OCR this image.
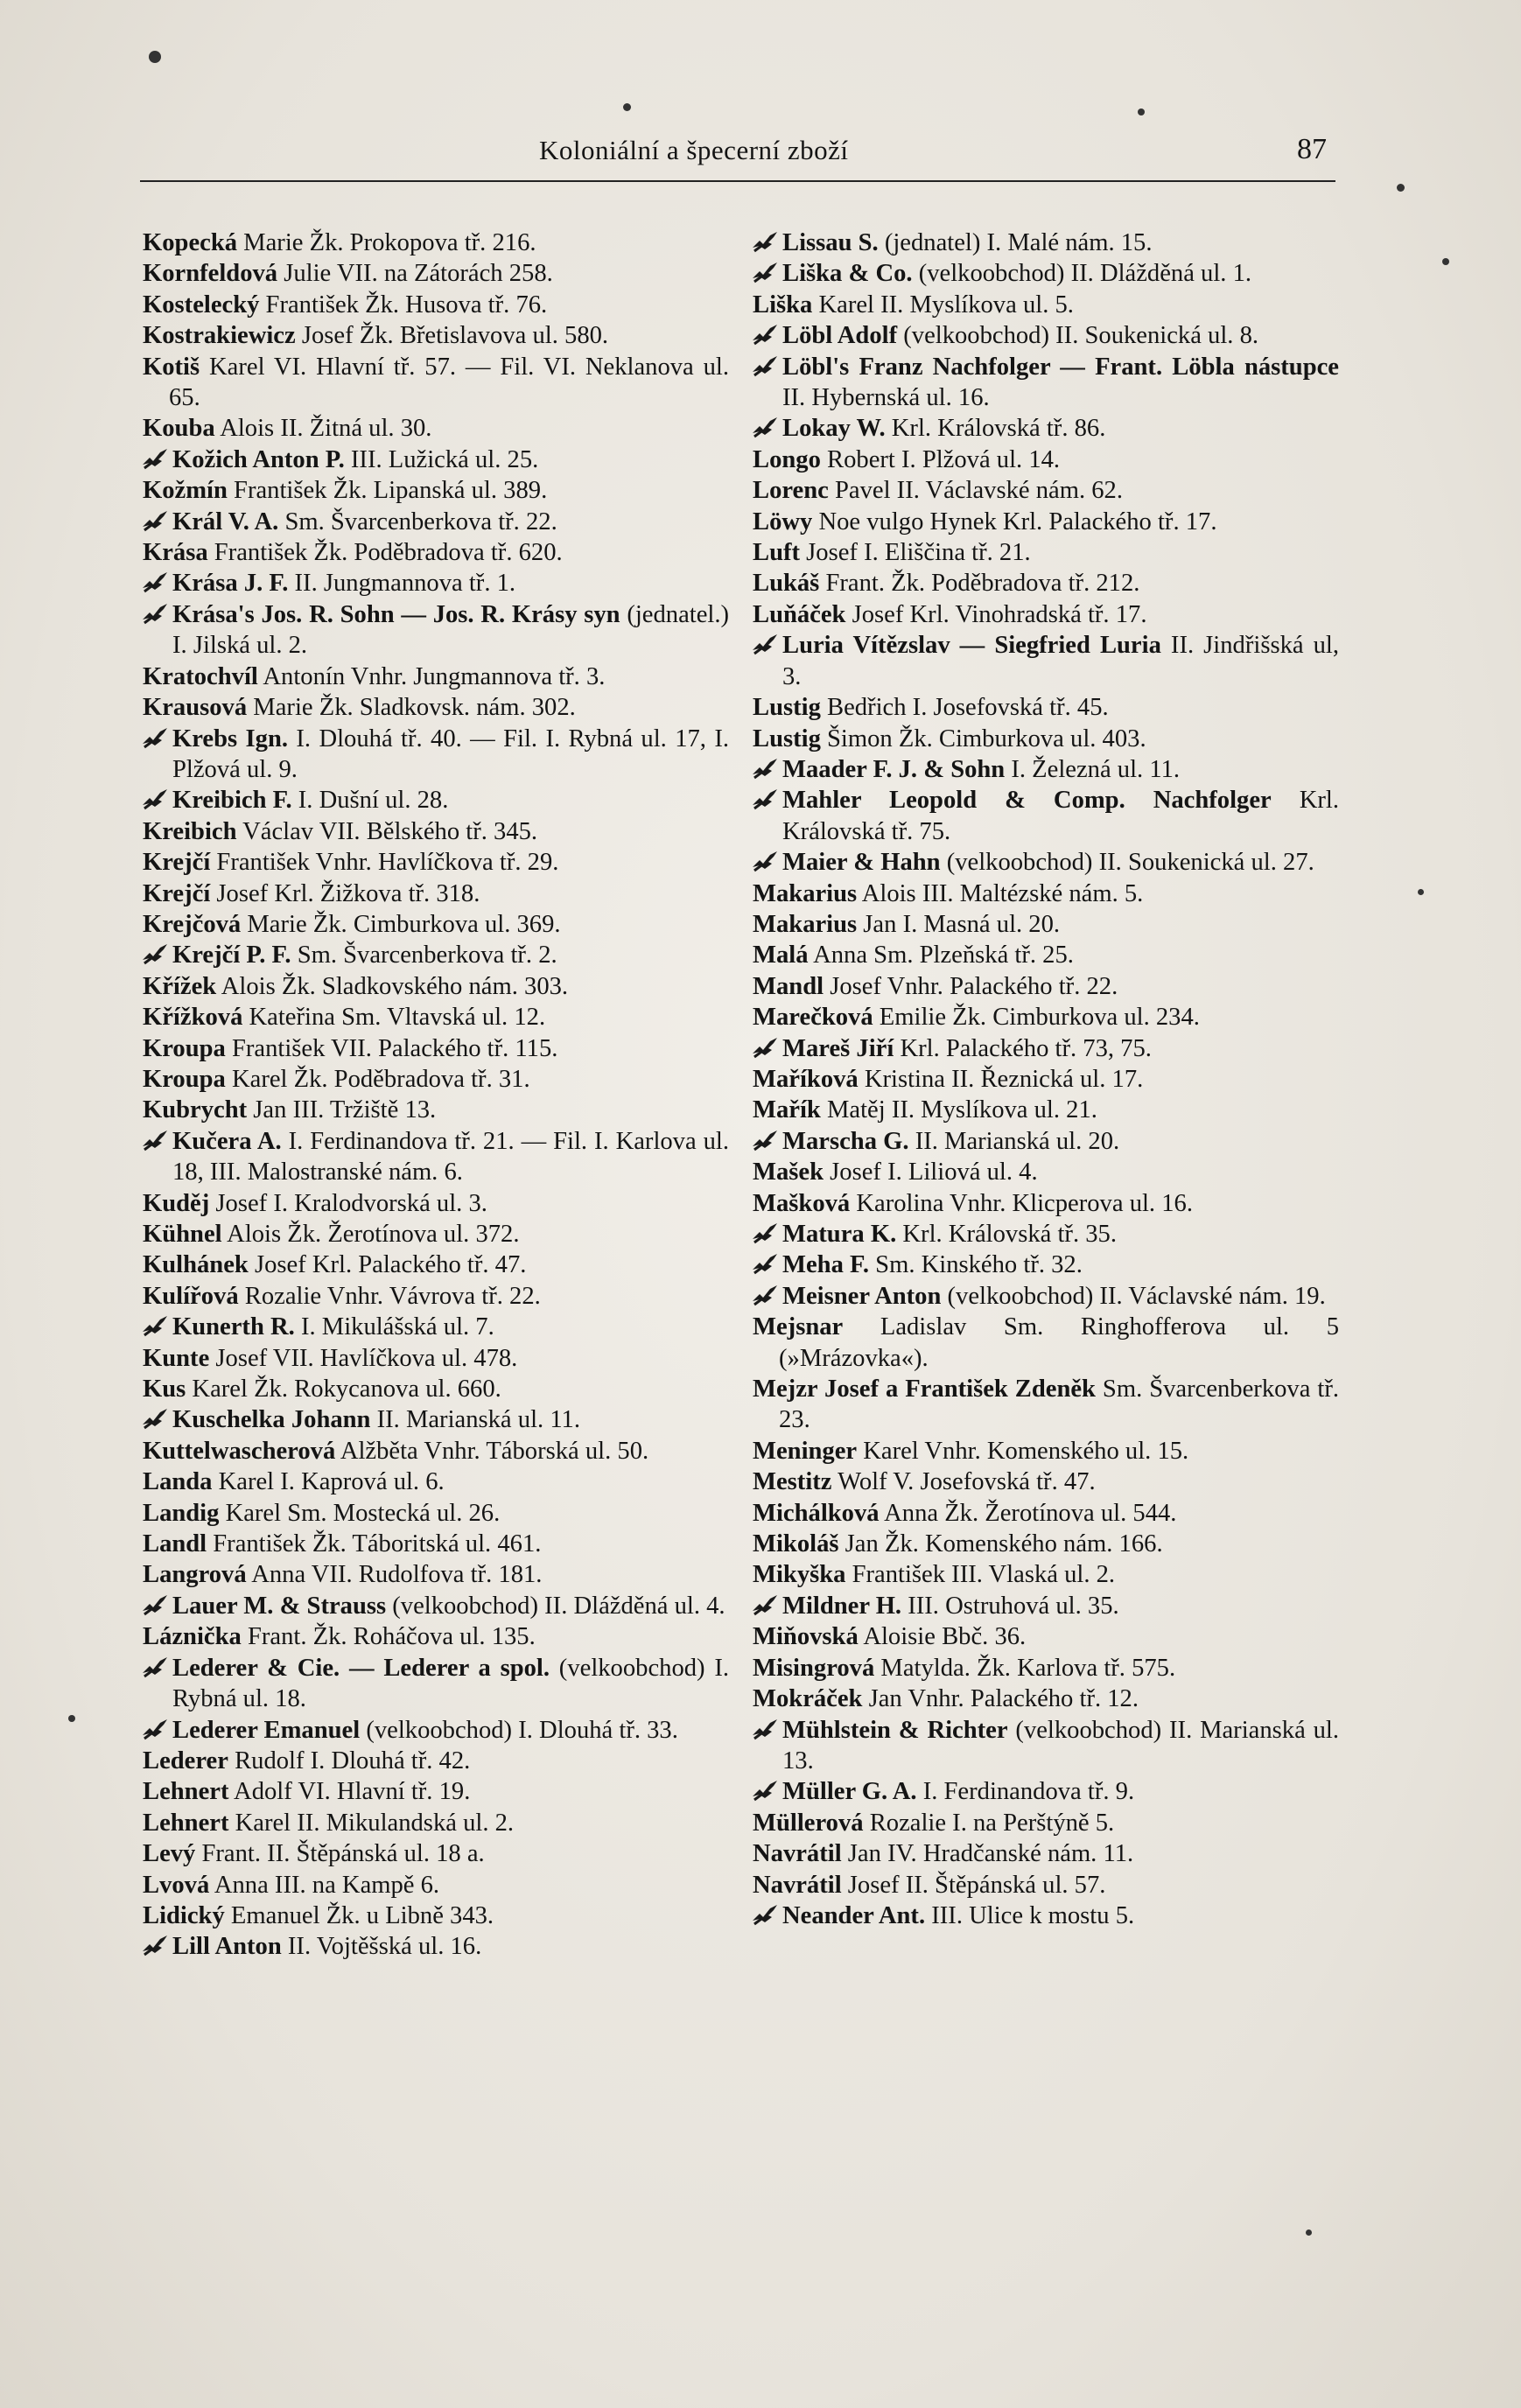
Koloniální a špecerní zboží	87

Kopecká Marie Žk. Prokopova tř. 216.

Kornfeldová Julie VII. na Zátorách 258.

Kostelecký František Žk. Husova tř. 76.

Kostrakiewicz Josef Žk. Břetislavova ul. 580.

Kotiš Karel VI. Hlavní tř. 57. — Fil. VI. Neklanova ul. 65.

Kouba Alois II. Žitná ul. 30.

Kožich Anton P. III. Lužická ul. 25.

Kožmín František Žk. Lipanská ul. 389.

Král V. A. Sm. Švarcenberkova tř. 22.

Krása František Žk. Poděbradova tř. 620.

Krása J. F. II. Jungmannova tř. 1.

Krása's Jos. R. Sohn — Jos. R. Krásy syn (jednatel.) I. Jilská ul. 2.

Kratochvíl Antonín Vnhr. Jungmannova tř. 3.

Krausová Marie Žk. Sladkovsk. nám. 302.

Krebs Ign. I. Dlouhá tř. 40. — Fil. I. Rybná ul. 17, I. Plžová ul. 9.

Kreibich F. I. Dušní ul. 28.

Kreibich Václav VII. Bělského tř. 345.

Krejčí František Vnhr. Havlíčkova tř. 29.

Krejčí Josef Krl. Žižkova tř. 318.

Krejčová Marie Žk. Cimburkova ul. 369.

Krejčí P. F. Sm. Švarcenberkova tř. 2.

Křížek Alois Žk. Sladkovského nám. 303.

Křížková Kateřina Sm. Vltavská ul. 12.

Kroupa František VII. Palackého tř. 115.

Kroupa Karel Žk. Poděbradova tř. 31.

Kubrycht Jan III. Tržiště 13.

Kučera A. I. Ferdinandova tř. 21. — Fil. I. Karlova ul. 18, III. Malostranské nám. 6.

Kuděj Josef I. Kralodvorská ul. 3.

Kühnel Alois Žk. Žerotínova ul. 372.

Kulhánek Josef Krl. Palackého tř. 47.

Kulířová Rozalie Vnhr. Vávrova tř. 22.

Kunerth R. I. Mikulášská ul. 7.

Kunte Josef VII. Havlíčkova ul. 478.

Kus Karel Žk. Rokycanova ul. 660.

Kuschelka Johann II. Marianská ul. 11.

Kuttelwascherová Alžběta Vnhr. Táborská ul. 50.

Landa Karel I. Kaprová ul. 6.

Landig Karel Sm. Mostecká ul. 26.

Landl František Žk. Táboritská ul. 461.

Langrová Anna VII. Rudolfova tř. 181.

Lauer M. & Strauss (velkoobchod) II. Dlážděná ul. 4.

Láznička Frant. Žk. Roháčova ul. 135.

Lederer & Cie. — Lederer a spol. (velkoobchod) I. Rybná ul. 18.

Lederer Emanuel (velkoobchod) I. Dlouhá tř. 33.

Lederer Rudolf I. Dlouhá tř. 42.

Lehnert Adolf VI. Hlavní tř. 19.

Lehnert Karel II. Mikulandská ul. 2.

Levý Frant. II. Štěpánská ul. 18 a.

Lvová Anna III. na Kampě 6.

Lidický Emanuel Žk. u Libně 343.

Lill Anton II. Vojtěšská ul. 16.

Lissau S. (jednatel) I. Malé nám. 15.

Liška & Co. (velkoobchod) II. Dlážděná ul. 1.

Liška Karel II. Myslíkova ul. 5.

Löbl Adolf (velkoobchod) II. Soukenická ul. 8.

Löbl's Franz Nachfolger — Frant. Löbla nástupce II. Hybernská ul. 16.

Lokay W. Krl. Královská tř. 86.

Longo Robert I. Plžová ul. 14.

Lorenc Pavel II. Václavské nám. 62.

Löwy Noe vulgo Hynek Krl. Palackého tř. 17.

Luft Josef I. Eliščina tř. 21.

Lukáš Frant. Žk. Poděbradova tř. 212.

Luňáček Josef Krl. Vinohradská tř. 17.

Luria Vítězslav — Siegfried Luria II. Jindřišská ul, 3.

Lustig Bedřich I. Josefovská tř. 45.

Lustig Šimon Žk. Cimburkova ul. 403.

Maader F. J. & Sohn I. Železná ul. 11.

Mahler Leopold & Comp. Nachfolger Krl. Královská tř. 75.

Maier & Hahn (velkoobchod) II. Soukenická ul. 27.

Makarius Alois III. Maltézské nám. 5.

Makarius Jan I. Masná ul. 20.

Malá Anna Sm. Plzeňská tř. 25.

Mandl Josef Vnhr. Palackého tř. 22.

Marečková Emilie Žk. Cimburkova ul. 234.

Mareš Jiří Krl. Palackého tř. 73, 75.

Maříková Kristina II. Řeznická ul. 17.

Mařík Matěj II. Myslíkova ul. 21.

Marscha G. II. Marianská ul. 20.

Mašek Josef I. Liliová ul. 4.

Mašková Karolina Vnhr. Klicperova ul. 16.

Matura K. Krl. Královská tř. 35.

Meha F. Sm. Kinského tř. 32.

Meisner Anton (velkoobchod) II. Václavské nám. 19.

Mejsnar Ladislav Sm. Ringhofferova ul. 5 (»Mrázovka«).

Mejzr Josef a František Zdeněk Sm. Švarcenberkova tř. 23.

Meninger Karel Vnhr. Komenského ul. 15.

Mestitz Wolf V. Josefovská tř. 47.

Michálková Anna Žk. Žerotínova ul. 544.

Mikoláš Jan Žk. Komenského nám. 166.

Mikyška František III. Vlaská ul. 2.

Mildner H. III. Ostruhová ul. 35.

Miňovská Aloisie Bbč. 36.

Misingrová Matylda. Žk. Karlova tř. 575.

Mokráček Jan Vnhr. Palackého tř. 12.

Mühlstein & Richter (velkoobchod) II. Marianská ul. 13.

Müller G. A. I. Ferdinandova tř. 9.

Müllerová Rozalie I. na Perštýně 5.

Navrátil Jan IV. Hradčanské nám. 11.

Navrátil Josef II. Štěpánská ul. 57.

Neander Ant. III. Ulice k mostu 5.
